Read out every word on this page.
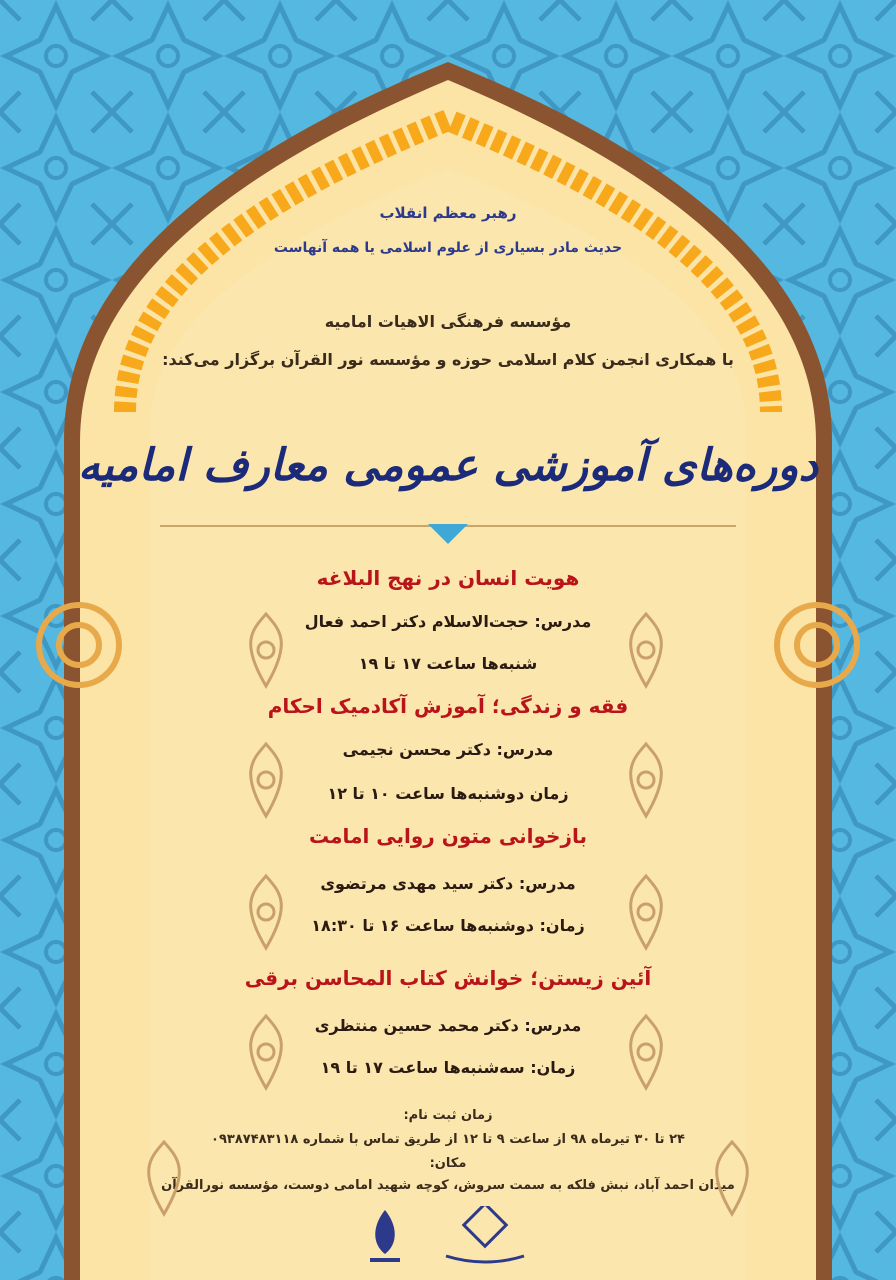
رهبر معظم انقلاب
حدیث مادر بسیاری از علوم اسلامی یا همه آنهاست
مؤسسه فرهنگی الاهیات امامیه
با همکاری انجمن کلام اسلامی حوزه و مؤسسه نور القرآن برگزار می‌کند:
دوره‌های آموزشی عمومی معارف امامیه
هویت انسان در نهج البلاغه
مدرس: حجت‌الاسلام دکتر احمد فعال
شنبه‌ها ساعت ۱۷ تا ۱۹
فقه و زندگی؛ آموزش آکادمیک احکام
مدرس: دکتر محسن نجیمی
زمان دوشنبه‌ها ساعت ۱۰ تا ۱۲
بازخوانی متون روایی امامت
مدرس: دکتر سید مهدی مرتضوی
زمان: دوشنبه‌ها ساعت ۱۶ تا ۱۸:۳۰
آئین زیستن؛ خوانش کتاب المحاسن برقی
مدرس: دکتر محمد حسین منتظری
زمان: سه‌شنبه‌ها ساعت ۱۷ تا ۱۹
زمان ثبت نام:
۲۴ تا ۳۰ تیرماه ۹۸ از ساعت ۹ تا ۱۲ از طریق تماس با شماره ۰۹۳۸۷۴۸۳۱۱۸
مکان:
میدان احمد آباد، نبش فلکه به سمت سروش، کوچه شهید امامی دوست، مؤسسه نورالقرآن
